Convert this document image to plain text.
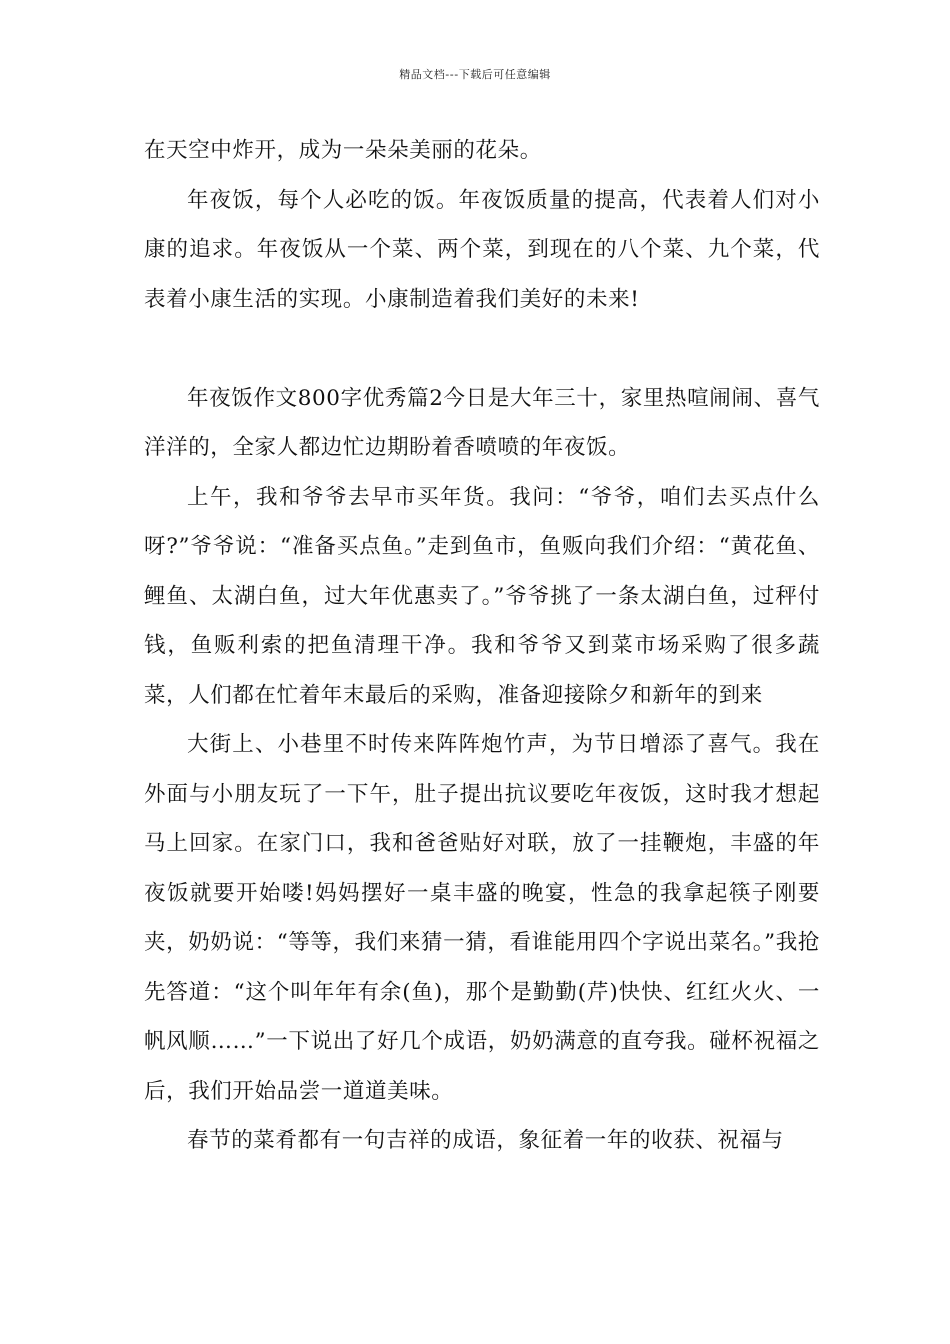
精品文档---下载后可任意编辑

在天空中炸开，成为一朵朵美丽的花朵。

年夜饭，每个人必吃的饭。年夜饭质量的提高，代表着人们对小康的追求。年夜饭从一个菜、两个菜，到现在的八个菜、九个菜，代表着小康生活的实现。小康制造着我们美好的未来!

年夜饭作文800字优秀篇2今日是大年三十，家里热喧闹闹、喜气洋洋的，全家人都边忙边期盼着香喷喷的年夜饭。

上午，我和爷爷去早市买年货。我问：“爷爷，咱们去买点什么呀?”爷爷说：“准备买点鱼。”走到鱼市，鱼贩向我们介绍：“黄花鱼、鲤鱼、太湖白鱼，过大年优惠卖了。”爷爷挑了一条太湖白鱼，过秤付钱，鱼贩利索的把鱼清理干净。我和爷爷又到菜市场采购了很多蔬菜，人们都在忙着年末最后的采购，准备迎接除夕和新年的到来

大街上、小巷里不时传来阵阵炮竹声，为节日增添了喜气。我在外面与小朋友玩了一下午，肚子提出抗议要吃年夜饭，这时我才想起马上回家。在家门口，我和爸爸贴好对联，放了一挂鞭炮，丰盛的年夜饭就要开始喽!妈妈摆好一桌丰盛的晚宴，性急的我拿起筷子刚要夹，奶奶说：“等等，我们来猜一猜，看谁能用四个字说出菜名。”我抢先答道：“这个叫年年有余(鱼)，那个是勤勤(芹)快快、红红火火、一帆风顺……”一下说出了好几个成语，奶奶满意的直夸我。碰杯祝福之后，我们开始品尝一道道美味。

春节的菜肴都有一句吉祥的成语，象征着一年的收获、祝福与
